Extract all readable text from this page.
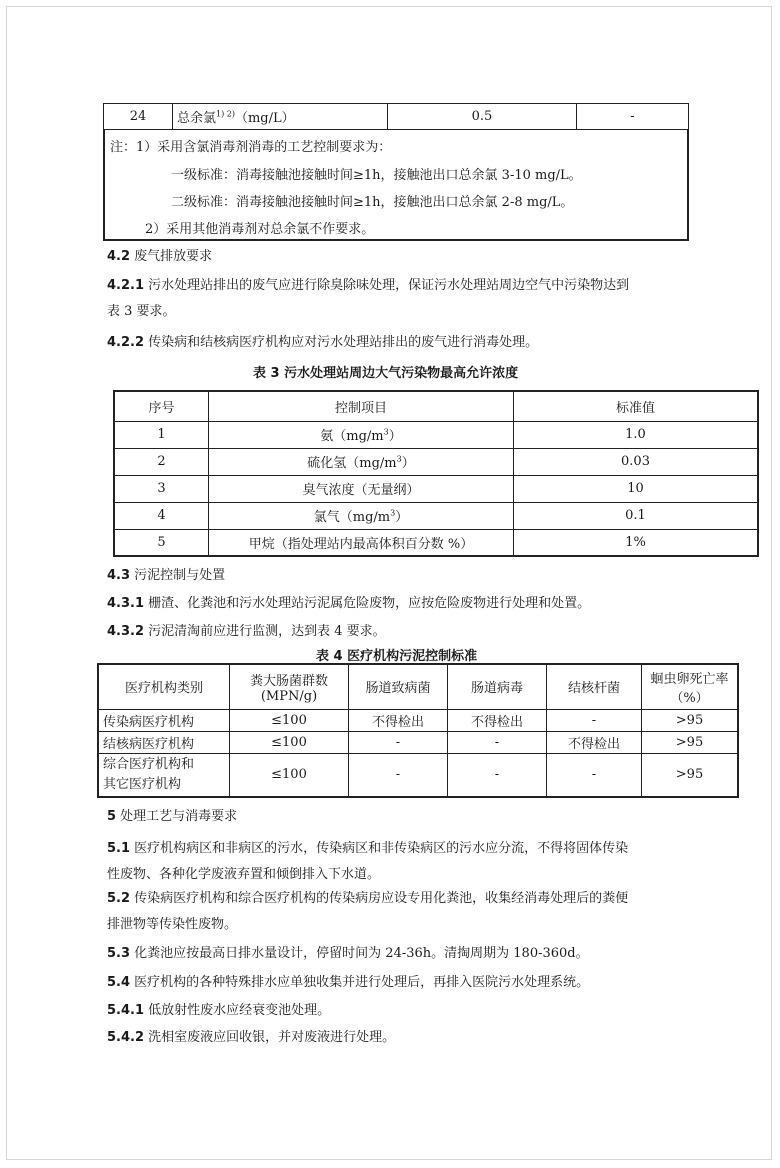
24	总余氯$^{1) 2)}$（mg/L）	0.5	-
注：1）采用含氯消毒剂消毒的工艺控制要求为：
一级标准：消毒接触池接触时间≥1h，接触池出口总余氯 3-10 mg/L。
二级标准：消毒接触池接触时间≥1h，接触池出口总余氯 2-8 mg/L。
2）采用其他消毒剂对总余氯不作要求。
4.2 废气排放要求
4.2.1 污水处理站排出的废气应进行除臭除味处理，保证污水处理站周边空气中污染物达到
表 3 要求。
4.2.2 传染病和结核病医疗机构应对污水处理站排出的废气进行消毒处理。
表 3 污水处理站周边大气污染物最高允许浓度
序号	控制项目	标准值
1	氨$(mg/m^3)$	1.0
2	硫化氢$(mg/m^3)$	0.03
3	臭气浓度（无量纲）	10
4	氯气$(mg/m^3)$	0.1
5	甲烷（指处理站内最高体积百分数 %）	1%
4.3 污泥控制与处置
4.3.1 栅渣、化粪池和污水处理站污泥属危险废物，应按危险废物进行处理和处置。
4.3.2 污泥清淘前应进行监测，达到表 4 要求。
表 4 医疗机构污泥控制标准
医疗机构类别	粪大肠菌群数
(MPN/g)	肠道致病菌	肠道病毒	结核杆菌	蛔虫卵死亡率
（%）
传染病医疗机构	≤100	不得检出	不得检出	-	>95
结核病医疗机构	≤100	-	-	不得检出	>95
综合医疗机构和
其它医疗机构	≤100	-	-	-	>95
5 处理工艺与消毒要求
5.1 医疗机构病区和非病区的污水，传染病区和非传染病区的污水应分流，不得将固体传染
性废物、各种化学废液弃置和倾倒排入下水道。
5.2 传染病医疗机构和综合医疗机构的传染病房应设专用化粪池，收集经消毒处理后的粪便
排泄物等传染性废物。
5.3 化粪池应按最高日排水量设计，停留时间为 24-36h。清掏周期为 180-360d。
5.4 医疗机构的各种特殊排水应单独收集并进行处理后，再排入医院污水处理系统。
5.4.1 低放射性废水应经衰变池处理。
5.4.2 洗相室废液应回收银，并对废液进行处理。
